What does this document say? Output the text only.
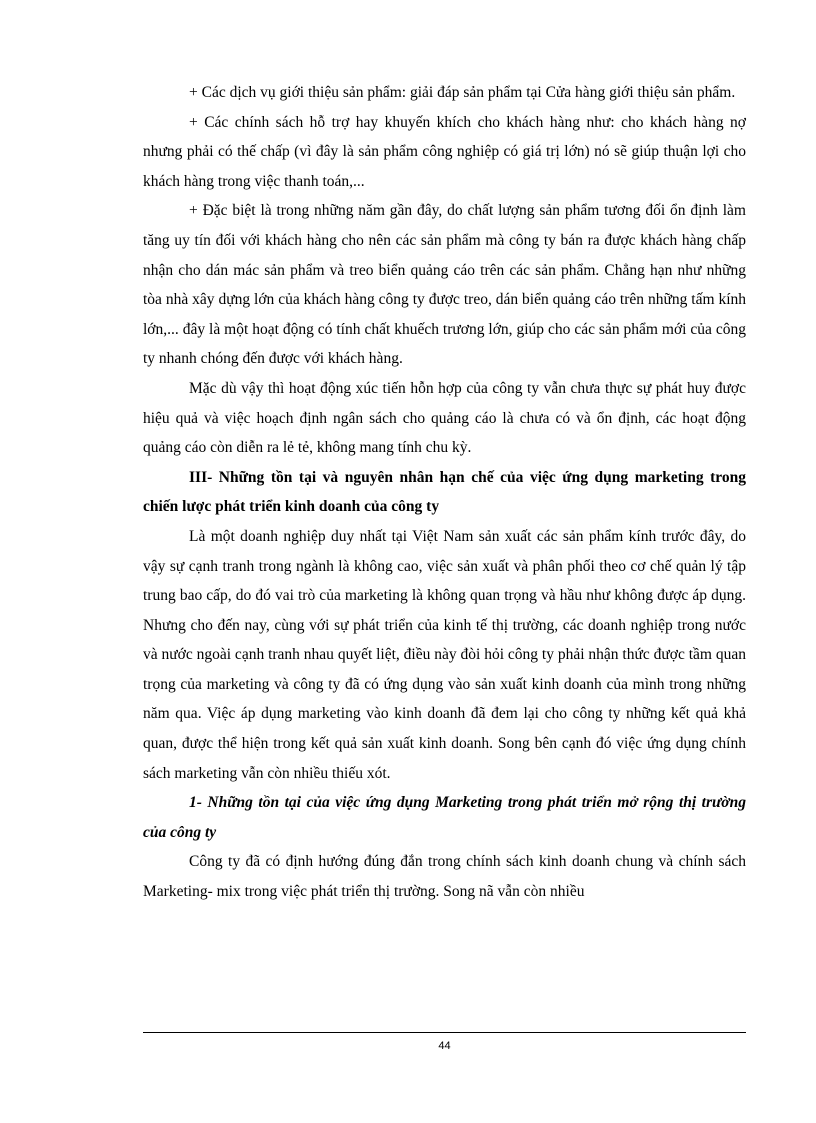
+ Các dịch vụ giới thiệu sản phẩm: giải đáp sản phẩm tại Cửa hàng giới thiệu sản phẩm.

+ Các chính sách hỗ trợ hay khuyến khích cho khách hàng như: cho khách hàng nợ nhưng phải có thế chấp (vì đây là sản phẩm công nghiệp có giá trị lớn) nó sẽ giúp thuận lợi cho khách hàng trong việc thanh toán,...

+ Đặc biệt là trong những năm gần đây, do chất lượng sản phẩm tương đối ổn định làm tăng uy tín đối với khách hàng cho nên các sản phẩm mà công ty bán ra được khách hàng chấp nhận cho dán mác sản phẩm và treo biển quảng cáo trên các sản phẩm. Chẳng hạn như những tòa nhà xây dựng lớn của khách hàng công ty được treo, dán biển quảng cáo trên những tấm kính lớn,... đây là một hoạt động có tính chất khuếch trương lớn, giúp cho các sản phẩm mới của công ty nhanh chóng đến được với khách hàng.

Mặc dù vậy thì hoạt động xúc tiến hỗn hợp của công ty vẫn chưa thực sự phát huy được hiệu quả và việc hoạch định ngân sách cho quảng cáo là chưa có và ổn định, các hoạt động quảng cáo còn diễn ra lẻ tẻ, không mang tính chu kỳ.

III- Những tồn tại và nguyên nhân hạn chế của việc ứng dụng marketing trong chiến lược phát triển kinh doanh của công ty

Là một doanh nghiệp duy nhất tại Việt Nam sản xuất các sản phẩm kính trước đây, do vậy sự cạnh tranh trong ngành là không cao, việc sản xuất và phân phối theo cơ chế quản lý tập trung bao cấp, do đó vai trò của marketing là không quan trọng và hầu như không được áp dụng. Nhưng cho đến nay, cùng với sự phát triển của kinh tế thị trường, các doanh nghiệp trong nước và nước ngoài cạnh tranh nhau quyết liệt, điều này đòi hỏi công ty phải nhận thức được tầm quan trọng của marketing và công ty đã có ứng dụng vào sản xuất kinh doanh của mình trong những năm qua. Việc áp dụng marketing vào kinh doanh đã đem lại cho công ty những kết quả khả quan, được thể hiện trong kết quả sản xuất kinh doanh. Song bên cạnh đó việc ứng dụng chính sách marketing vẫn còn nhiều thiếu xót.

1- Những tồn tại của việc ứng dụng Marketing trong phát triển mở rộng thị trường của công ty

Công ty đã có định hướng đúng đắn trong chính sách kinh doanh chung và chính sách Marketing- mix trong việc phát triển thị trường. Song nã vẫn còn nhiều

44
